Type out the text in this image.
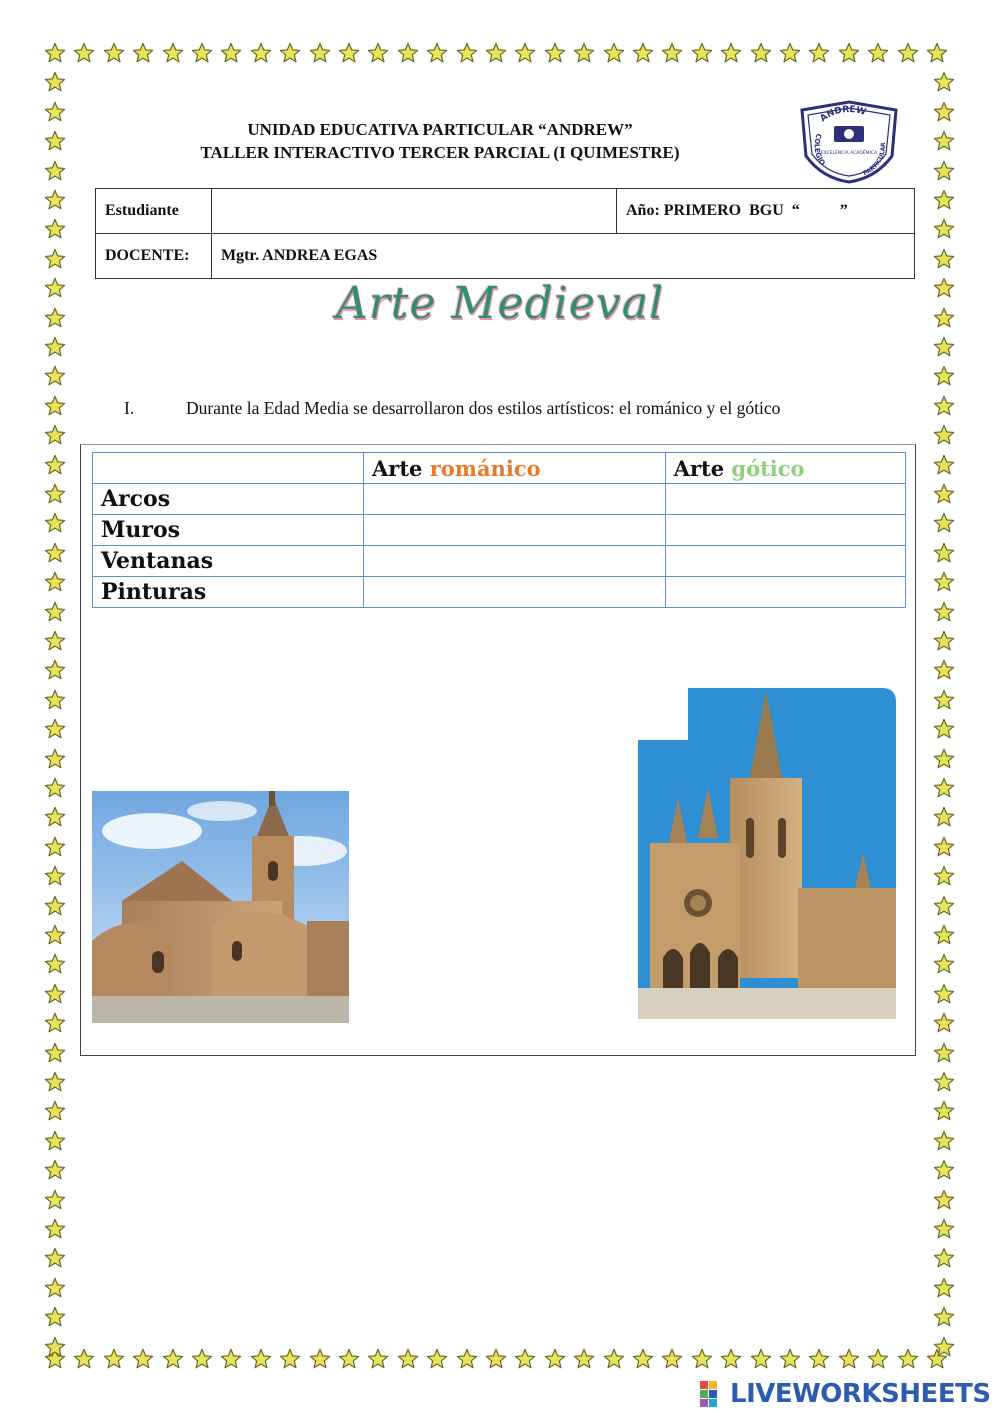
UNIDAD EDUCATIVA PARTICULAR “ANDREW”
TALLER INTERACTIVO TERCER PARCIAL (I QUIMESTRE)
ANDREW
COLEGIO
PARTICULAR
EXCELENCIA ACADÉMICA
Estudiante		Año: PRIMERO  BGU  “          ”
DOCENTE:	Mgtr. ANDREA EGAS	
Arte Medieval
I.	Durante la Edad Media se desarrollaron dos estilos artísticos: el románico y el gótico
	Arte románico	Arte gótico
Arcos		
Muros		
Ventanas		
Pinturas		
LIVEWORKSHEETS
